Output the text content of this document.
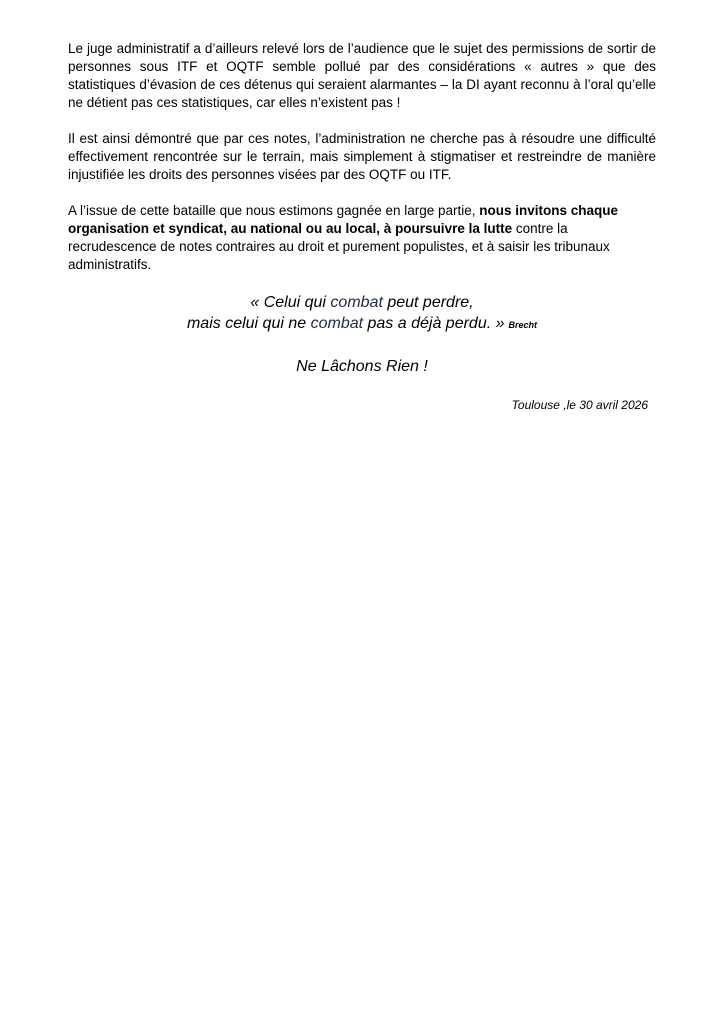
Le juge administratif a d’ailleurs relevé lors de l’audience que le sujet des permissions de sortir de personnes sous ITF et OQTF semble pollué par des considérations « autres » que des statistiques d’évasion de ces détenus qui seraient alarmantes – la DI ayant reconnu à l’oral qu’elle ne détient pas ces statistiques, car elles n’existent pas !

Il est ainsi démontré que par ces notes, l’administration ne cherche pas à résoudre une difficulté effectivement rencontrée sur le terrain, mais simplement à stigmatiser et restreindre de manière injustifiée les droits des personnes visées par des OQTF ou ITF.

A l’issue de cette bataille que nous estimons gagnée en large partie, nous invitons chaque organisation et syndicat, au national ou au local, à poursuivre la lutte contre la recrudescence de notes contraires au droit et purement populistes, et à saisir les tribunaux administratifs.

« Celui qui combat peut perdre,
mais celui qui ne combat pas a déjà perdu. » Brecht
Ne Lâchons Rien !
Toulouse ,le 30 avril 2026
